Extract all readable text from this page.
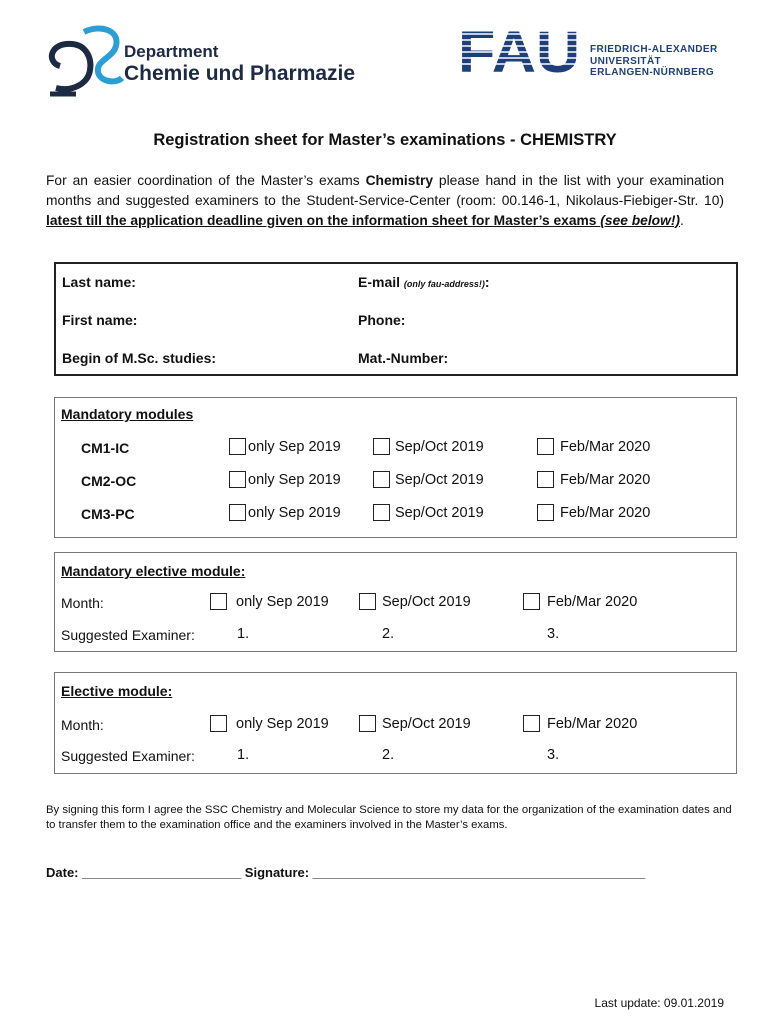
Department
Chemie und Pharmazie FAU FRIEDRICH-ALEXANDER
UNIVERSITÄT
ERLANGEN-NÜRNBERG
Registration sheet for Master’s examinations - CHEMISTRY
For an easier coordination of the Master’s exams Chemistry please hand in the list with your examination months and suggested examiners to the Student-Service-Center (room: 00.146-1, Nikolaus-Fiebiger-Str. 10) latest till the application deadline given on the information sheet for Master’s exams (see below!).
Last name:	E-mail (only fau-address!):
First name:	Phone:
Begin of M.Sc. studies:	Mat.-Number:
Mandatory modules
CM1-IC	only Sep 2019	Sep/Oct 2019	Feb/Mar 2020
CM2-OC	only Sep 2019	Sep/Oct 2019	Feb/Mar 2020
CM3-PC	only Sep 2019	Sep/Oct 2019	Feb/Mar 2020
Mandatory elective module:
Month:	only Sep 2019	Sep/Oct 2019	Feb/Mar 2020
Suggested Examiner:	1.	2.	3.
Elective module:
Month:	only Sep 2019	Sep/Oct 2019	Feb/Mar 2020
Suggested Examiner:	1.	2.	3.
By signing this form I agree the SSC Chemistry and Molecular Science to store my data for the organization of the examination dates and to transfer them to the examination office and the examiners involved in the Master’s exams.
Date: ______________________ Signature: ______________________________________________
Last update: 09.01.2019
